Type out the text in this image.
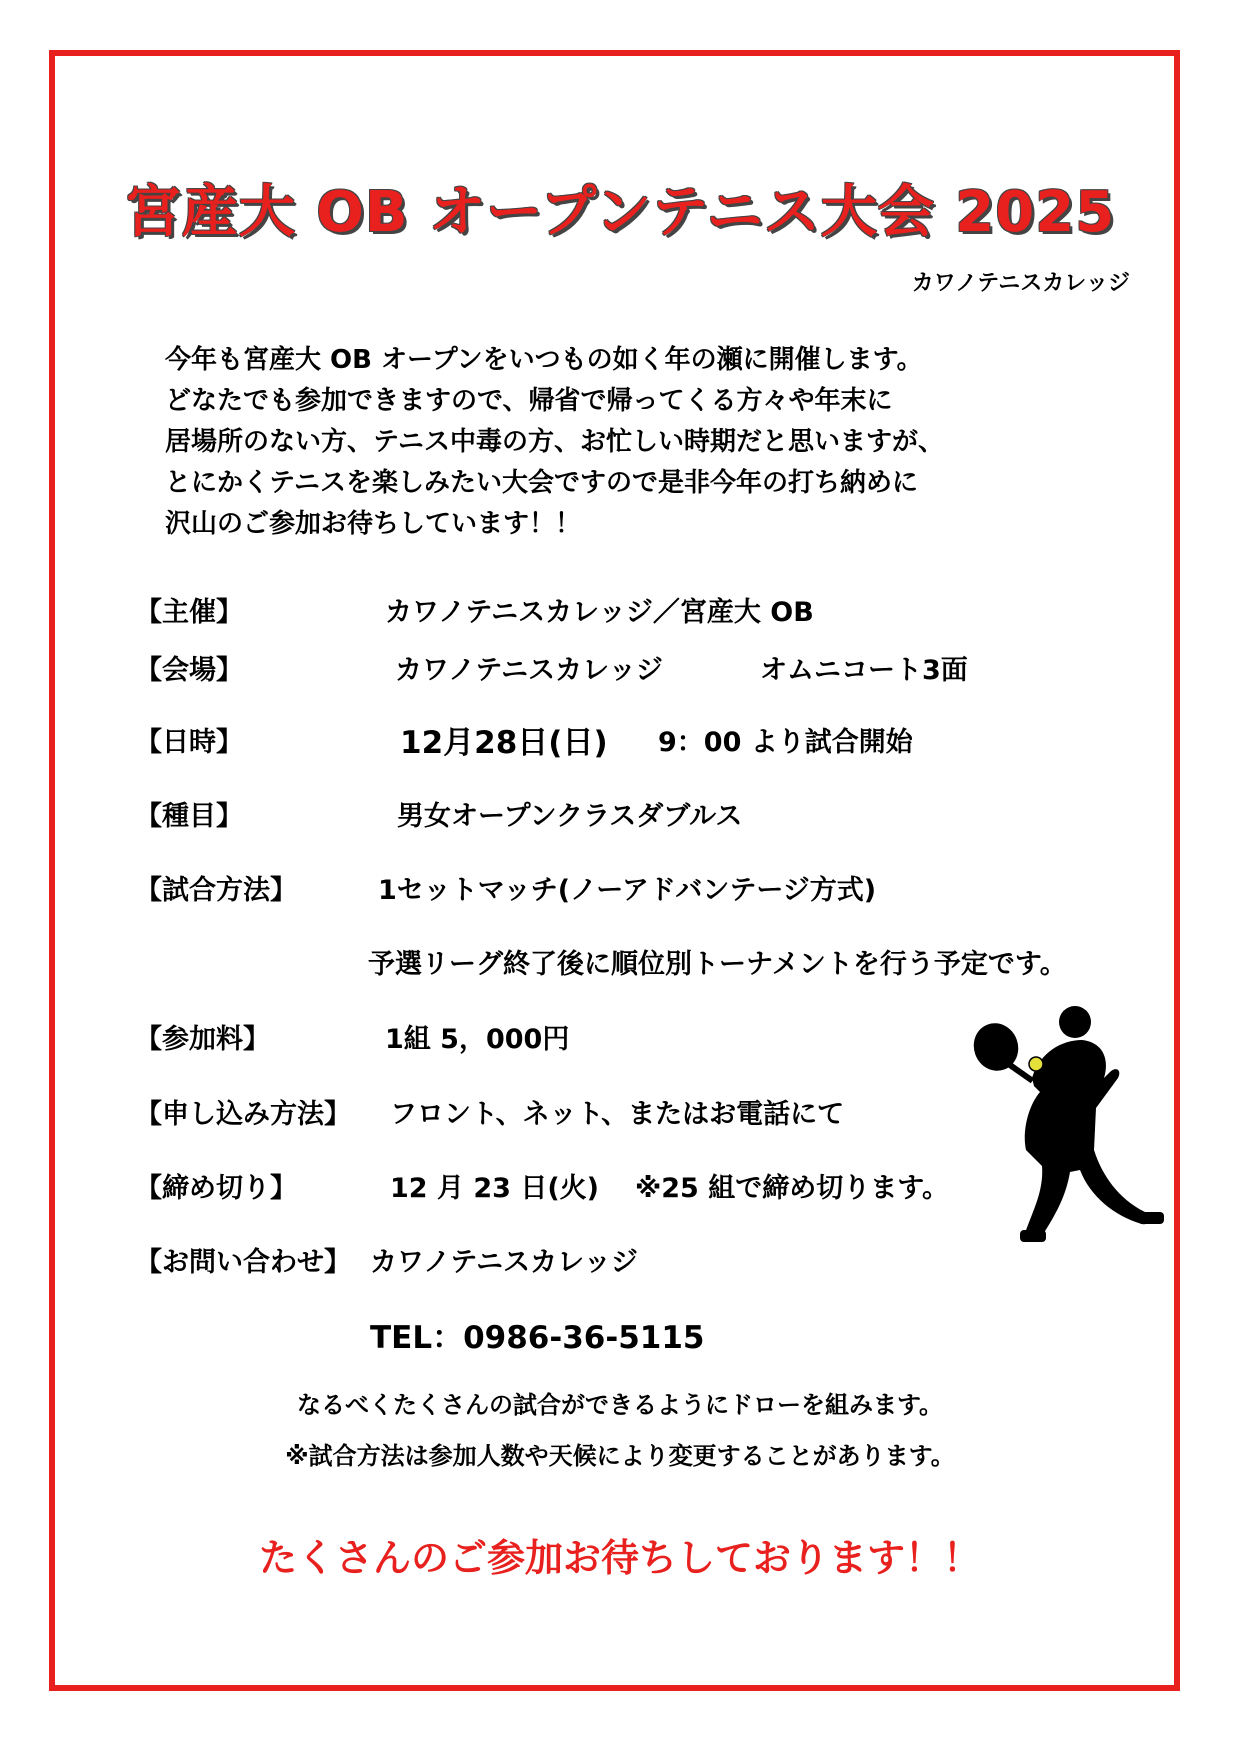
宮産大 OB オープンテニス大会 2025
カワノテニスカレッジ
今年も宮産大 OB オープンをいつもの如く年の瀬に開催します。
どなたでも参加できますので、帰省で帰ってくる方々や年末に
居場所のない方、テニス中毒の方、お忙しい時期だと思いますが、
とにかくテニスを楽しみたい大会ですので是非今年の打ち納めに
沢山のご参加お待ちしています！！
【主催】	カワノテニスカレッジ／宮産大 OB
【会場】	カワノテニスカレッジ	オムニコート3面
【日時】	12月28日(日) 9：00 より試合開始
【種目】	男女オープンクラスダブルス
【試合方法】	1セットマッチ(ノーアドバンテージ方式)
予選リーグ終了後に順位別トーナメントを行う予定です。
【参加料】	1組 5，000円
【申し込み方法】 フロント、ネット、またはお電話にて
【締め切り】	12 月 23 日(火) ※25 組で締め切ります。
【お問い合わせ】 カワノテニスカレッジ
TEL：0986-36-5115
なるべくたくさんの試合ができるようにドローを組みます。
※試合方法は参加人数や天候により変更することがあります。
たくさんのご参加お待ちしております！！
